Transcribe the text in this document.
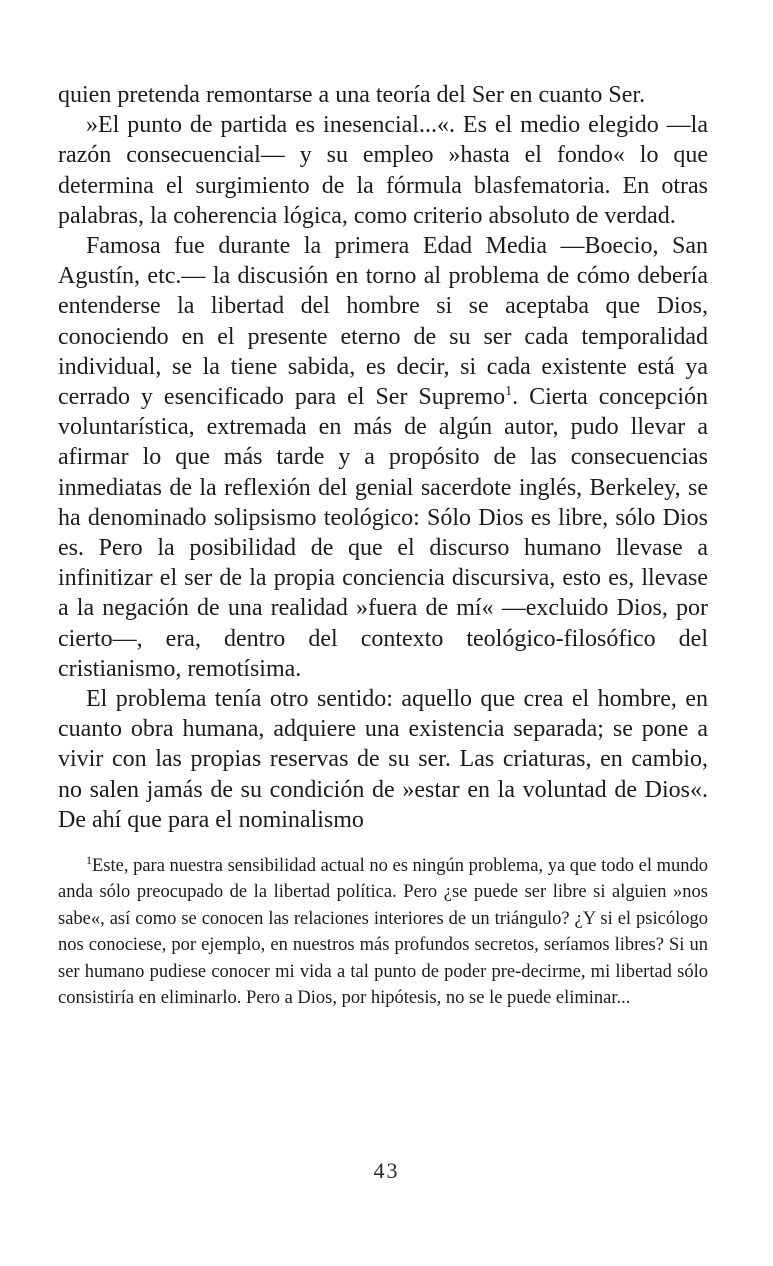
quien pretenda remontarse a una teoría del Ser en cuanto Ser.

»El punto de partida es inesencial...«. Es el medio elegido —la razón consecuencial— y su empleo »hasta el fondo« lo que determina el surgimiento de la fórmula blasfematoria. En otras palabras, la coherencia lógica, como criterio absoluto de verdad.

Famosa fue durante la primera Edad Media —Boecio, San Agustín, etc.— la discusión en torno al problema de cómo debería entenderse la libertad del hombre si se aceptaba que Dios, conociendo en el presente eterno de su ser cada temporalidad individual, se la tiene sabida, es decir, si cada existente está ya cerrado y esencificado para el Ser Supremo$^1$. Cierta concepción voluntarística, extremada en más de algún autor, pudo llevar a afirmar lo que más tarde y a propósito de las consecuencias inmediatas de la reflexión del genial sacerdote inglés, Berkeley, se ha denominado solipsismo teológico: Sólo Dios es libre, sólo Dios es. Pero la posibilidad de que el discurso humano llevase a infinitizar el ser de la propia conciencia discursiva, esto es, llevase a la negación de una realidad »fuera de mí« —excluido Dios, por cierto—, era, dentro del contexto teológico-filosófico del cristianismo, remotísima.

El problema tenía otro sentido: aquello que crea el hombre, en cuanto obra humana, adquiere una existencia separada; se pone a vivir con las propias reservas de su ser. Las criaturas, en cambio, no salen jamás de su condición de »estar en la voluntad de Dios«. De ahí que para el nominalismo

$^1$Este, para nuestra sensibilidad actual no es ningún problema, ya que todo el mundo anda sólo preocupado de la libertad política. Pero ¿se puede ser libre si alguien »nos sabe«, así como se conocen las relaciones interiores de un triángulo? ¿Y si el psicólogo nos conociese, por ejemplo, en nuestros más profundos secretos, seríamos libres? Si un ser humano pudiese conocer mi vida a tal punto de poder pre-decirme, mi libertad sólo consistiría en eliminarlo. Pero a Dios, por hipótesis, no se le puede eliminar...

43
